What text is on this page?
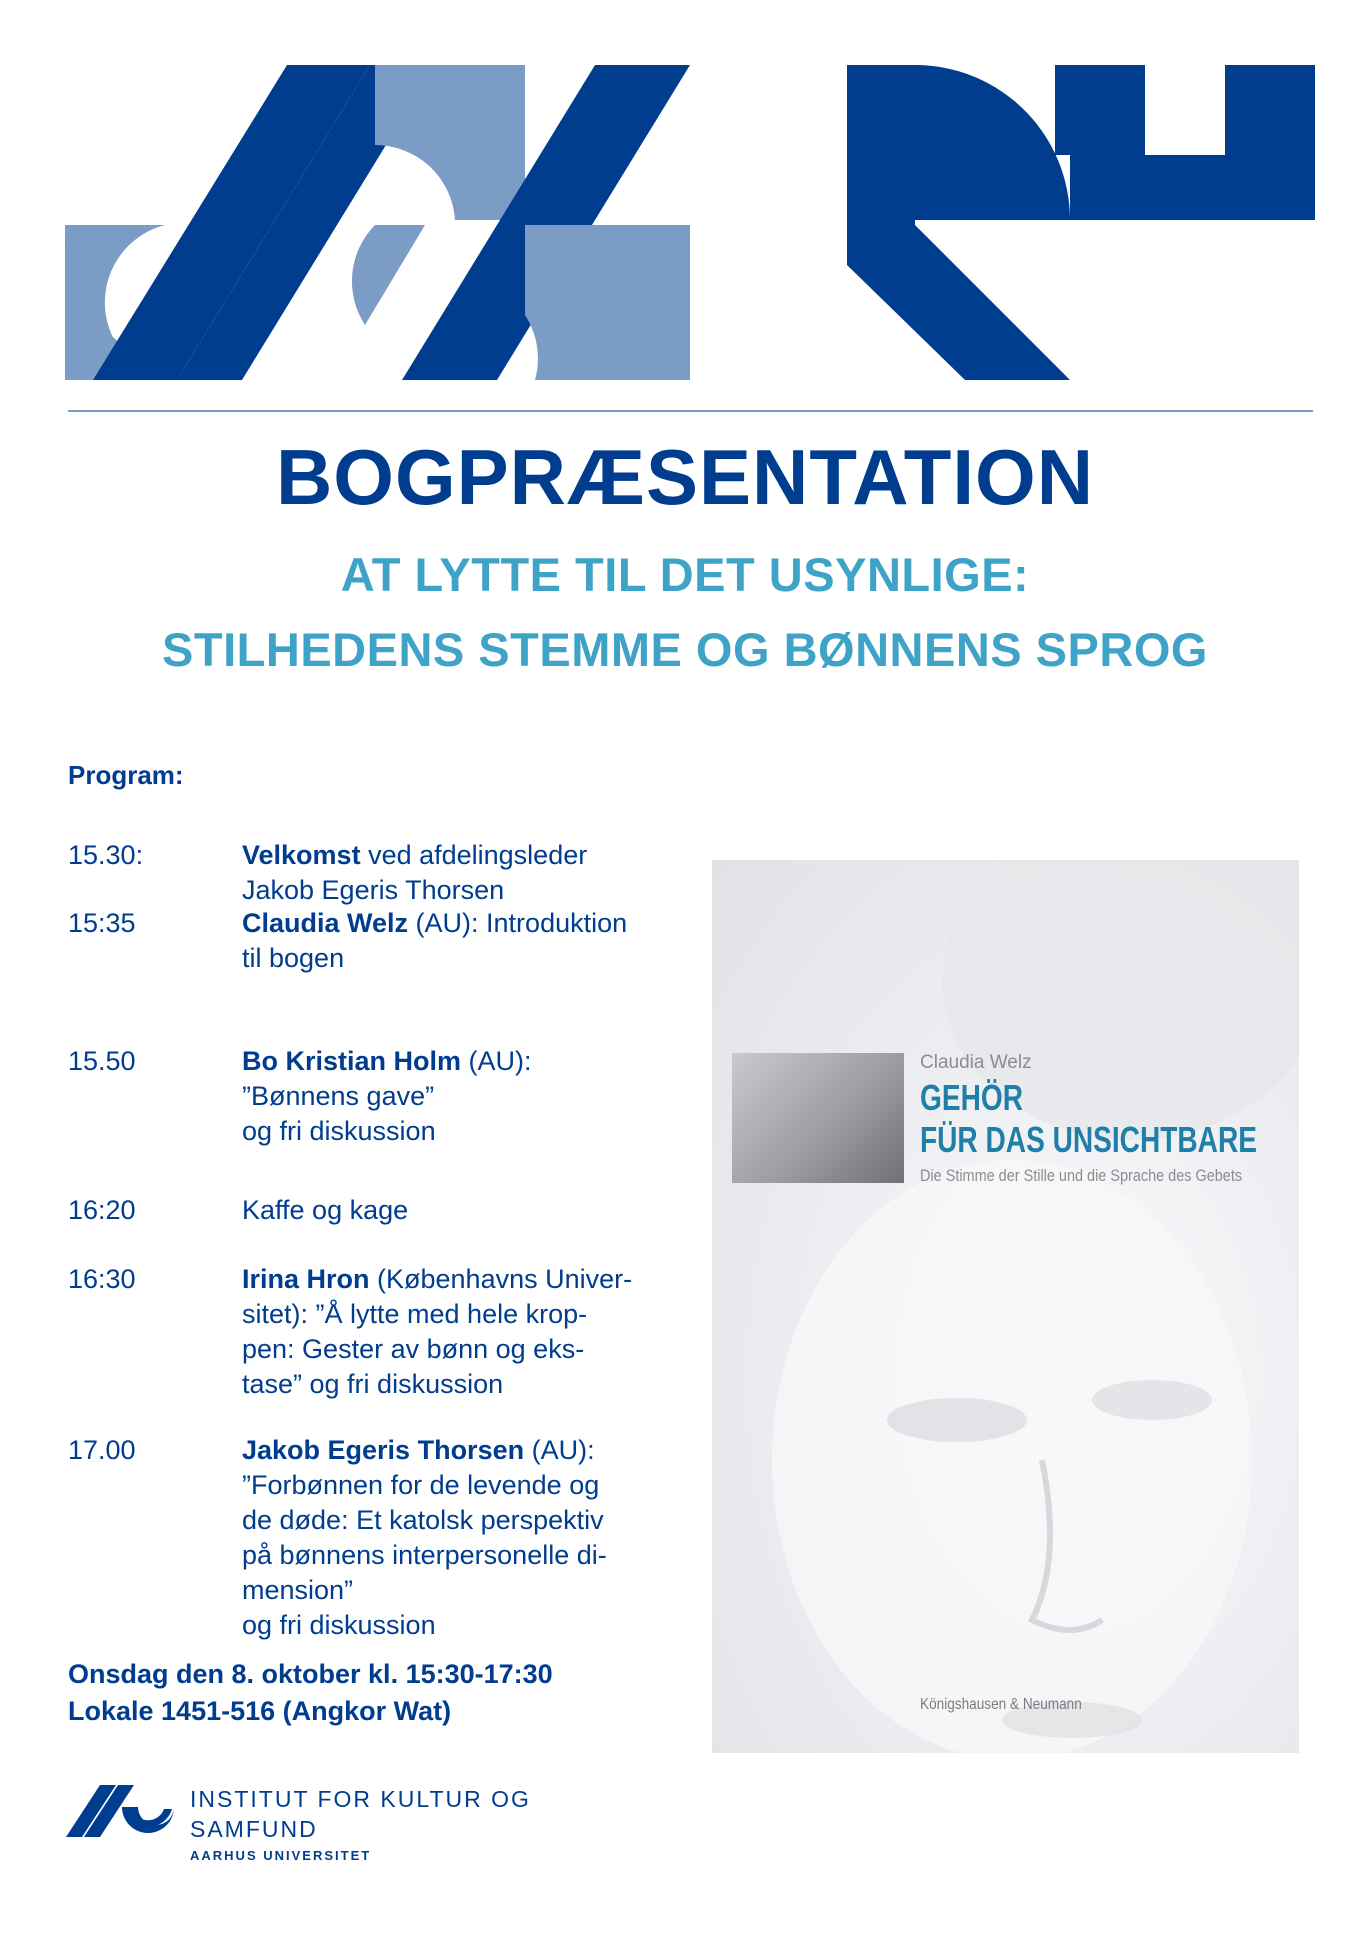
BOGPRÆSENTATION
AT LYTTE TIL DET USYNLIGE:
STILHEDENS STEMME OG BØNNENS SPROG
Program:
15.30:	Velkomst ved afdelingsleder
Jakob Egeris Thorsen
15:35	Claudia Welz (AU): Introduktion
til bogen
15.50	Bo Kristian Holm (AU):
”Bønnens gave”
og fri diskussion
16:20	Kaffe og kage
16:30	Irina Hron (Københavns Univer-
sitet): ”Å lytte med hele krop-
pen: Gester av bønn og eks-
tase” og fri diskussion
17.00	Jakob Egeris Thorsen (AU):
”Forbønnen for de levende og
de døde: Et katolsk perspektiv
på bønnens interpersonelle di-
mension”
og fri diskussion
Onsdag den 8. oktober kl. 15:30-17:30
Lokale 1451-516 (Angkor Wat)
Claudia Welz
GEHÖR
FÜR DAS UNSICHTBARE
Die Stimme der Stille und die Sprache des Gebets
Königshausen & Neumann
INSTITUT FOR KULTUR OG
SAMFUND
AARHUS UNIVERSITET
